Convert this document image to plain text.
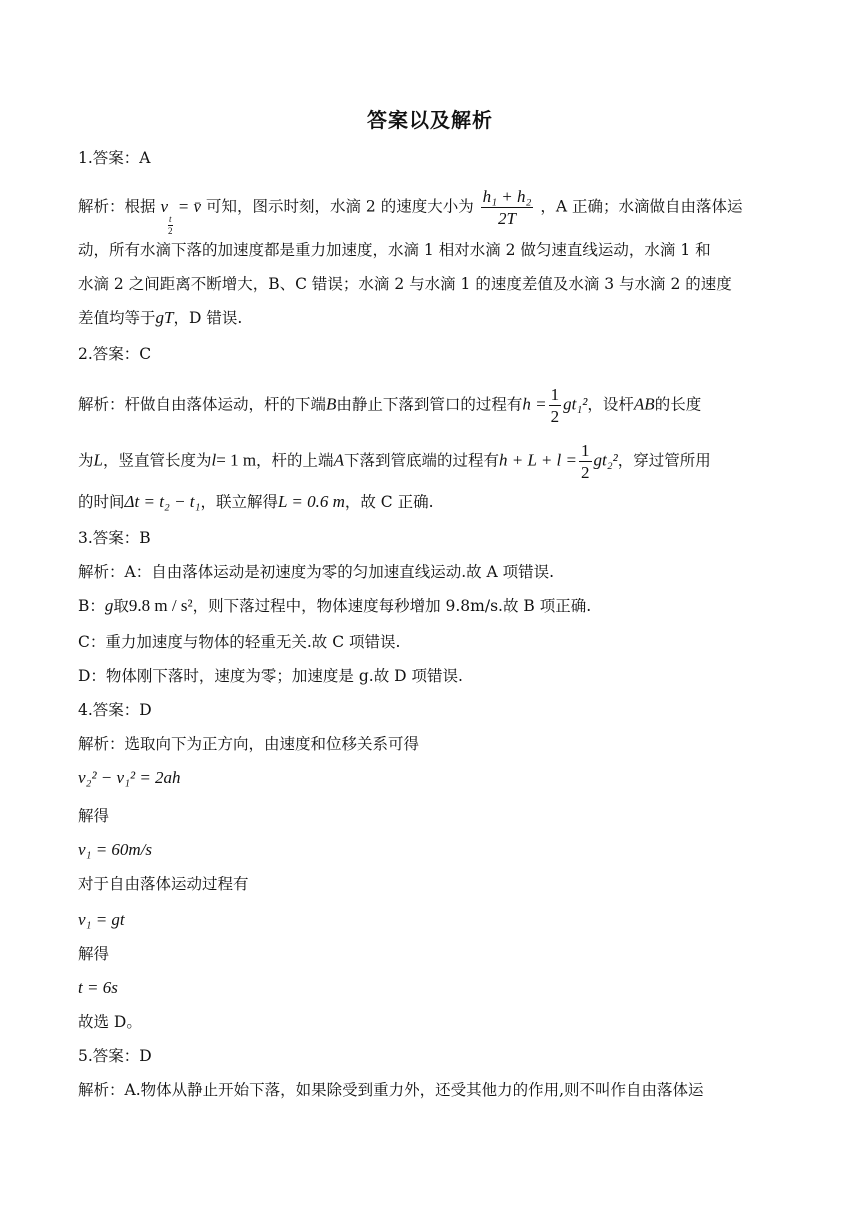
答案以及解析
1.答案：A
解析：根据 v
$\frac{t}{2}$
= v̄ 可知，图示时刻，水滴 2 的速度大小为 $\frac{\text{h₁ + h₂}}{2T}$ ，A 正确；水滴做自由落体运
动，所有水滴下落的加速度都是重力加速度，水滴 1 相对水滴 2 做匀速直线运动，水滴 1 和
水滴 2 之间距离不断增大，B、C 错误；水滴 2 与水滴 1 的速度差值及水滴 3 与水滴 2 的速度
差值均等于gT，D 错误.
2.答案：C
解析：杆做自由落体运动，杆的下端B由静止下落到管口的过程有$h = \frac{1}{2} gt_1^2$，设杆AB的长度
为L，竖直管长度为l= 1 m，杆的上端A下落到管底端的过程有$h + L + l = \frac{1}{2} gt_2^2$，穿过管所用
的时间Δt = t₂ − t₁，联立解得L = 0.6 m，故 C 正确.
3.答案：B
解析：A：自由落体运动是初速度为零的匀加速直线运动.故 A 项错误.
B：g取9.8 m / s²，则下落过程中，物体速度每秒增加 9.8m/s.故 B 项正确.
C：重力加速度与物体的轻重无关.故 C 项错误.
D：物体刚下落时，速度为零；加速度是 g.故 D 项错误.
4.答案：D
解析：选取向下为正方向，由速度和位移关系可得
v₂² − v₁² = 2ah
解得
v₁ = 60m/s
对于自由落体运动过程有
v₁ = gt
解得
t = 6s
故选 D。
5.答案：D
解析：A.物体从静止开始下落，如果除受到重力外，还受其他力的作用,则不叫作自由落体运
